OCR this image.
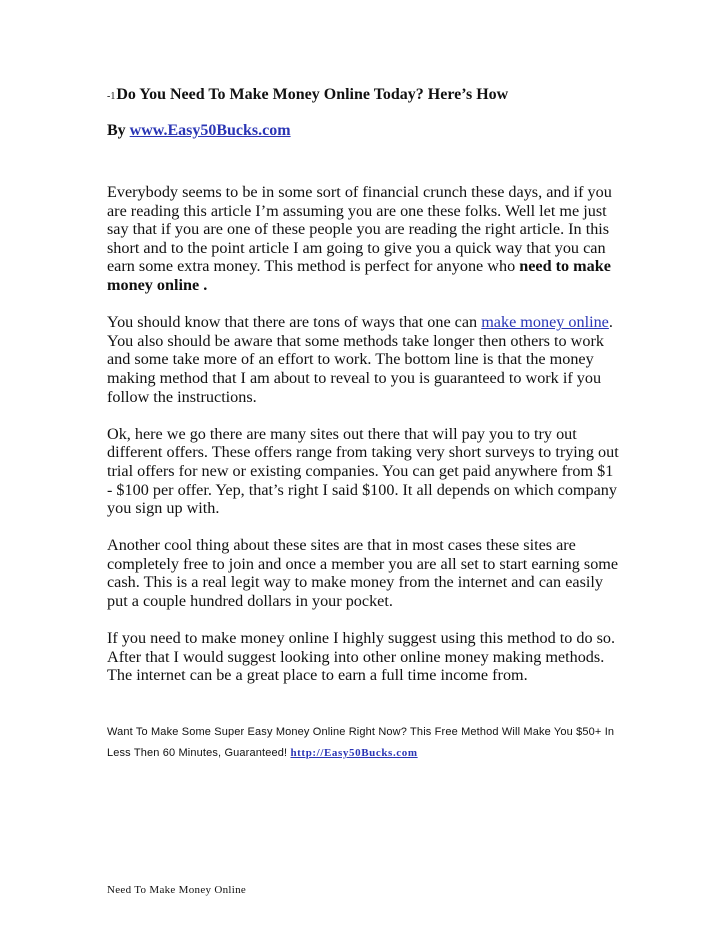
-1Do You Need To Make Money Online Today? Here’s How
By www.Easy50Bucks.com

Everybody seems to be in some sort of financial crunch these days, and if you are reading this article I’m assuming you are one these folks. Well let me just say that if you are one of these people you are reading the right article. In this short and to the point article I am going to give you a quick way that you can earn some extra money. This method is perfect for anyone who need to make money online .

You should know that there are tons of ways that one can make money online. You also should be aware that some methods take longer then others to work and some take more of an effort to work. The bottom line is that the money making method that I am about to reveal to you is guaranteed to work if you follow the instructions.

Ok, here we go there are many sites out there that will pay you to try out different offers. These offers range from taking very short surveys to trying out trial offers for new or existing companies. You can get paid anywhere from $1 - $100 per offer. Yep, that’s right I said $100. It all depends on which company you sign up with.

Another cool thing about these sites are that in most cases these sites are completely free to join and once a member you are all set to start earning some cash. This is a real legit way to make money from the internet and can easily put a couple hundred dollars in your pocket.

If you need to make money online I highly suggest using this method to do so. After that I would suggest looking into other online money making methods. The internet can be a great place to earn a full time income from.

Want To Make Some Super Easy Money Online Right Now? This Free Method Will Make You $50+ In Less Then 60 Minutes, Guaranteed! http://Easy50Bucks.com
Need To Make Money Online
